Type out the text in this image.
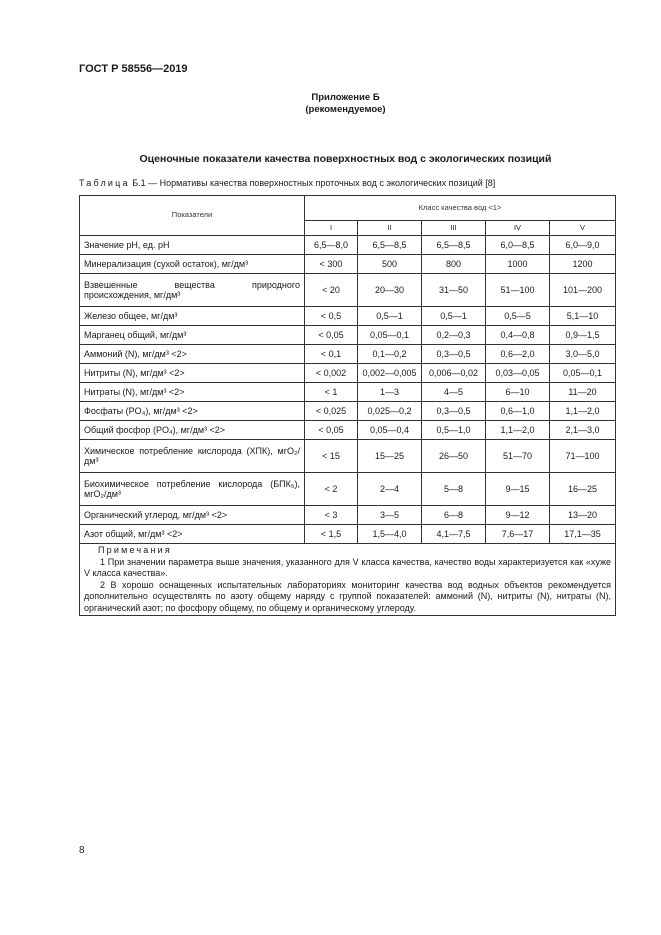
ГОСТ Р 58556—2019
Приложение Б
(рекомендуемое)
Оценочные показатели качества поверхностных вод с экологических позиций
Таблица Б.1 — Нормативы качества поверхностных проточных вод с экологических позиций [8]
Показатели	Класс качества вод <1>				
	I	II	III	IV	V
Значение pH, ед. pH	6,5—8,0	6,5—8,5	6,5—8,5	6,0—8,5	6,0—9,0
Минерализация (сухой остаток), мг/дм³	< 300	500	800	1000	1200
Взвешенные вещества природного происхождения, мг/дм³	< 20	20—30	31—50	51—100	101—200
Железо общее, мг/дм³	< 0,5	0,5—1	0,5—1	0,5—5	5,1—10
Марганец общий, мг/дм³	< 0,05	0,05—0,1	0,2—0,3	0,4—0,8	0,9—1,5
Аммоний (N), мг/дм³ <2>	< 0,1	0,1—0,2	0,3—0,5	0,6—2,0	3,0—5,0
Нитриты (N), мг/дм³ <2>	< 0,002	0,002—0,005	0,006—0,02	0,03—0,05	0,05—0,1
Нитраты (N), мг/дм³ <2>	< 1	1—3	4—5	6—10	11—20
Фосфаты (PO₄), мг/дм³ <2>	< 0,025	0,025—0,2	0,3—0,5	0,6—1,0	1,1—2,0
Общий фосфор (PO₄), мг/дм³ <2>	< 0,05	0,05—0,4	0,5—1,0	1,1—2,0	2,1—3,0
Химическое потребление кислорода (ХПК), мгО₂/дм³	< 15	15—25	26—50	51—70	71—100
Биохимическое потребление кислорода (БПК₅), мгО₂/дм³	< 2	2—4	5—8	9—15	16—25
Органический углерод, мг/дм³ <2>	< 3	3—5	6—8	9—12	13—20
Азот общий, мг/дм³ <2>	< 1,5	1,5—4,0	4,1—7,5	7,6—17	17,1—35

Примечания
1 При значении параметра выше значения, указанного для V класса качества, качество воды характеризуется как «хуже V класса качества».
2 В хорошо оснащенных испытательных лабораториях мониторинг качества вод водных объектов рекомендуется дополнительно осуществлять по азоту общему наряду с группой показателей: аммоний (N), нитриты (N), нитраты (N), органический азот; по фосфору общему, по общему и органическому углероду.					
8
